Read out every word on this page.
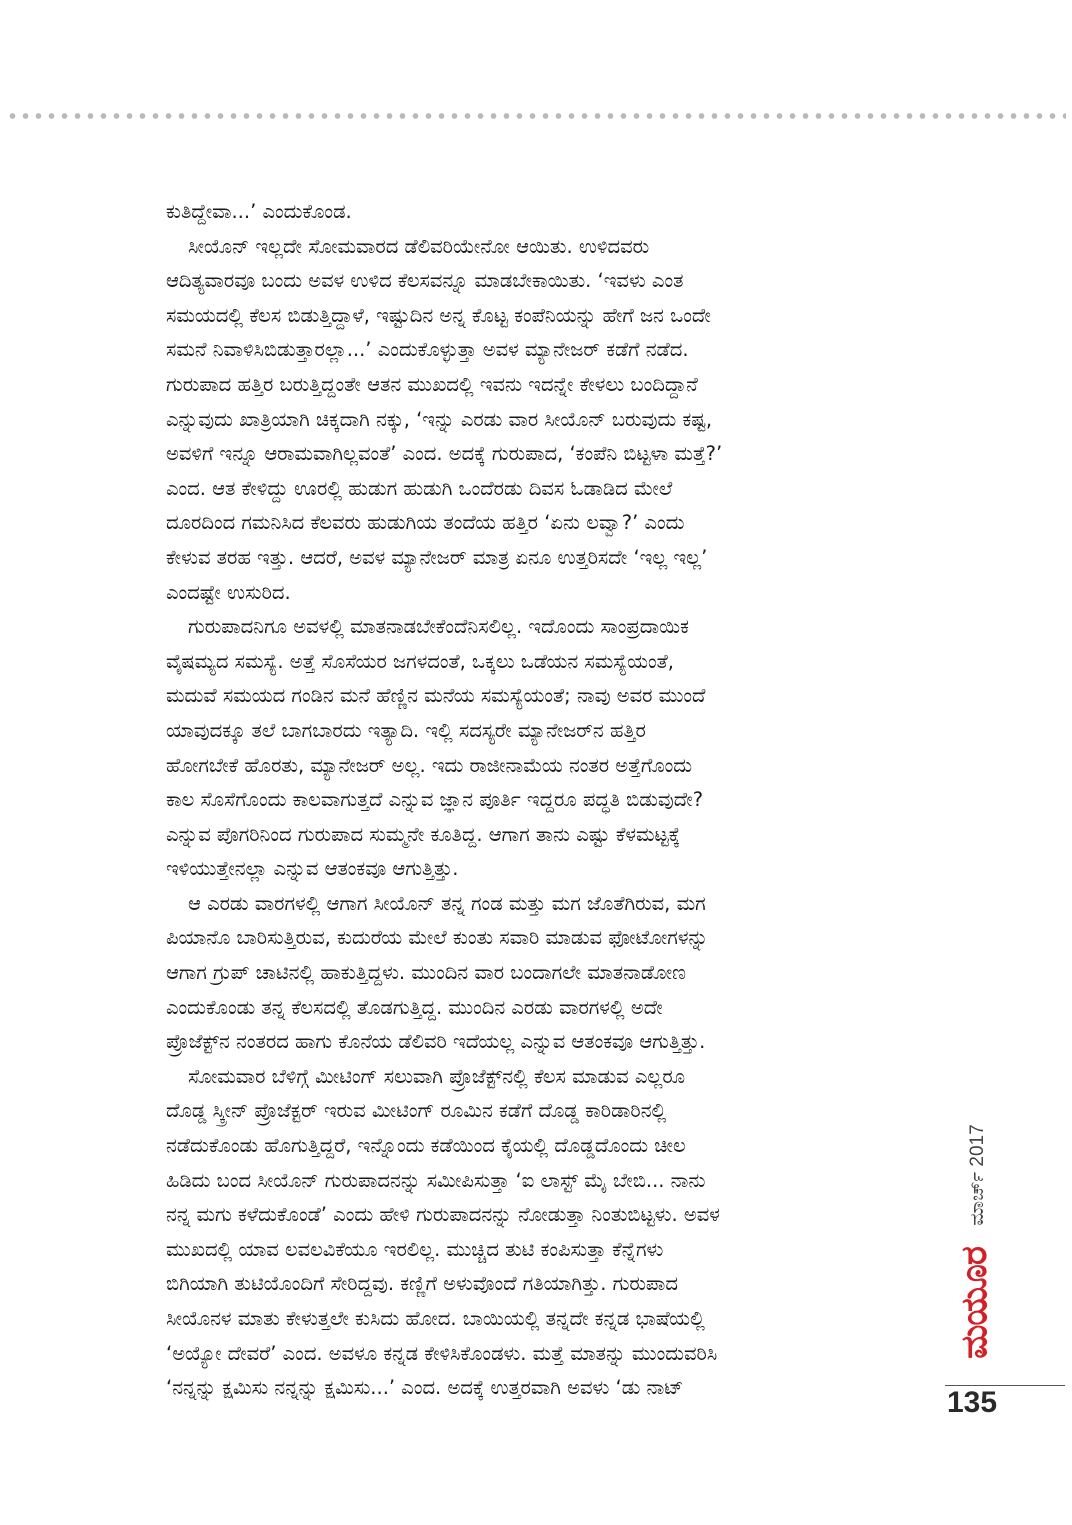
ಕುತಿದ್ದೇವಾ...’ ಎಂದುಕೊಂಡ.
ಸೀಯೊನ್ ಇಲ್ಲದೇ ಸೋಮವಾರದ ಡೆಲಿವರಿಯೇನೋ ಆಯಿತು. ಉಳಿದವರು
ಆದಿತ್ಯವಾರವೂ ಬಂದು ಅವಳ ಉಳಿದ ಕೆಲಸವನ್ನೂ ಮಾಡಬೇಕಾಯಿತು. ‘ಇವಳು ಎಂತ
ಸಮಯದಲ್ಲಿ ಕೆಲಸ ಬಿಡುತ್ತಿದ್ದಾಳೆ, ಇಷ್ಟುದಿನ ಅನ್ನ ಕೊಟ್ಟ ಕಂಪೆನಿಯನ್ನು ಹೇಗೆ ಜನ ಒಂದೇ
ಸಮನೆ ನಿವಾಳಿಸಿಬಿಡುತ್ತಾರಲ್ಲಾ...’ ಎಂದುಕೊಳ್ಳುತ್ತಾ ಅವಳ ಮ್ಯಾನೇಜರ್ ಕಡೆಗೆ ನಡೆದ.
ಗುರುಪಾದ ಹತ್ತಿರ ಬರುತ್ತಿದ್ದಂತೇ ಆತನ ಮುಖದಲ್ಲಿ ಇವನು ಇದನ್ನೇ ಕೇಳಲು ಬಂದಿದ್ದಾನೆ
ಎನ್ನುವುದು ಖಾತ್ರಿಯಾಗಿ ಚಿಕ್ಕದಾಗಿ ನಕ್ಕು, ‘ಇನ್ನು ಎರಡು ವಾರ ಸೀಯೊನ್ ಬರುವುದು ಕಷ್ಟ,
ಅವಳಿಗೆ ಇನ್ನೂ ಆರಾಮವಾಗಿಲ್ಲವಂತೆ’ ಎಂದ. ಅದಕ್ಕೆ ಗುರುಪಾದ, ‘ಕಂಪೆನಿ ಬಿಟ್ಟಳಾ ಮತ್ತೆ?’
ಎಂದ. ಆತ ಕೇಳಿದ್ದು ಊರಲ್ಲಿ ಹುಡುಗ ಹುಡುಗಿ ಒಂದೆರಡು ದಿವಸ ಓಡಾಡಿದ ಮೇಲೆ
ದೂರದಿಂದ ಗಮನಿಸಿದ ಕೆಲವರು ಹುಡುಗಿಯ ತಂದೆಯ ಹತ್ತಿರ ‘ಏನು ಲವ್ವಾ?’ ಎಂದು
ಕೇಳುವ ತರಹ ಇತ್ತು. ಆದರೆ, ಅವಳ ಮ್ಯಾನೇಜರ್ ಮಾತ್ರ ಏನೂ ಉತ್ತರಿಸದೇ ‘ಇಲ್ಲ ಇಲ್ಲ’
ಎಂದಷ್ಟೇ ಉಸುರಿದ.
ಗುರುಪಾದನಿಗೂ ಅವಳಲ್ಲಿ ಮಾತನಾಡಬೇಕೆಂದೆನಿಸಲಿಲ್ಲ. ಇದೊಂದು ಸಾಂಪ್ರದಾಯಿಕ
ವೈಷಮ್ಯದ ಸಮಸ್ಯೆ. ಅತ್ತೆ ಸೊಸೆಯರ ಜಗಳದಂತೆ, ಒಕ್ಕಲು ಒಡೆಯನ ಸಮಸ್ಯೆಯಂತೆ,
ಮದುವೆ ಸಮಯದ ಗಂಡಿನ ಮನೆ ಹೆಣ್ಣಿನ ಮನೆಯ ಸಮಸ್ಯೆಯಂತೆ; ನಾವು ಅವರ ಮುಂದೆ
ಯಾವುದಕ್ಕೂ ತಲೆ ಬಾಗಬಾರದು ಇತ್ಯಾದಿ. ಇಲ್ಲಿ ಸದಸ್ಯರೇ ಮ್ಯಾನೇಜರ್‌ನ ಹತ್ತಿರ
ಹೋಗಬೇಕೆ ಹೊರತು, ಮ್ಯಾನೇಜರ್ ಅಲ್ಲ. ಇದು ರಾಜೀನಾಮೆಯ ನಂತರ ಅತ್ತೆಗೊಂದು
ಕಾಲ ಸೊಸೆಗೊಂದು ಕಾಲವಾಗುತ್ತದೆ ಎನ್ನುವ ಜ್ಞಾನ ಪೂರ್ತಿ ಇದ್ದರೂ ಪದ್ಧತಿ ಬಿಡುವುದೇ?
ಎನ್ನುವ ಪೊಗರಿನಿಂದ ಗುರುಪಾದ ಸುಮ್ಮನೇ ಕೂತಿದ್ದ. ಆಗಾಗ ತಾನು ಎಷ್ಟು ಕೆಳಮಟ್ಟಕ್ಕೆ
ಇಳಿಯುತ್ತೇನಲ್ಲಾ ಎನ್ನುವ ಆತಂಕವೂ ಆಗುತ್ತಿತ್ತು.
ಆ ಎರಡು ವಾರಗಳಲ್ಲಿ ಆಗಾಗ ಸೀಯೊನ್ ತನ್ನ ಗಂಡ ಮತ್ತು ಮಗ ಜೊತೆಗಿರುವ, ಮಗ
ಪಿಯಾನೊ ಬಾರಿಸುತ್ತಿರುವ, ಕುದುರೆಯ ಮೇಲೆ ಕುಂತು ಸವಾರಿ ಮಾಡುವ ಫೋಟೋಗಳನ್ನು
ಆಗಾಗ ಗ್ರುಪ್ ಚಾಟಿನಲ್ಲಿ ಹಾಕುತ್ತಿದ್ದಳು. ಮುಂದಿನ ವಾರ ಬಂದಾಗಲೇ ಮಾತನಾಡೋಣ
ಎಂದುಕೊಂಡು ತನ್ನ ಕೆಲಸದಲ್ಲಿ ತೊಡಗುತ್ತಿದ್ದ. ಮುಂದಿನ ಎರಡು ವಾರಗಳಲ್ಲಿ ಅದೇ
ಪ್ರೊಜೆಕ್ಟ್‌ನ ನಂತರದ ಹಾಗು ಕೊನೆಯ ಡೆಲಿವರಿ ಇದೆಯಲ್ಲ ಎನ್ನುವ ಆತಂಕವೂ ಆಗುತ್ತಿತ್ತು.
ಸೋಮವಾರ ಬೆಳಿಗ್ಗೆ ಮೀಟಿಂಗ್ ಸಲುವಾಗಿ ಪ್ರೊಜೆಕ್ಟ್‌ನಲ್ಲಿ ಕೆಲಸ ಮಾಡುವ ಎಲ್ಲರೂ
ದೊಡ್ಡ ಸ್ಕ್ರೀನ್ ಪ್ರೊಜೆಕ್ಟರ್ ಇರುವ ಮೀಟಿಂಗ್ ರೂಮಿನ ಕಡೆಗೆ ದೊಡ್ಡ ಕಾರಿಡಾರಿನಲ್ಲಿ
ನಡೆದುಕೊಂಡು ಹೊಗುತ್ತಿದ್ದರೆ, ಇನ್ನೊಂದು ಕಡೆಯಿಂದ ಕೈಯಲ್ಲಿ ದೊಡ್ಡದೊಂದು ಚೀಲ
ಹಿಡಿದು ಬಂದ ಸೀಯೊನ್ ಗುರುಪಾದನನ್ನು ಸಮೀಪಿಸುತ್ತಾ ‘ಐ ಲಾಸ್ಟ್ ಮೈ ಬೇಬಿ... ನಾನು
ನನ್ನ ಮಗು ಕಳೆದುಕೊಂಡೆ’ ಎಂದು ಹೇಳಿ ಗುರುಪಾದನನ್ನು ನೋಡುತ್ತಾ ನಿಂತುಬಿಟ್ಟಳು. ಅವಳ
ಮುಖದಲ್ಲಿ ಯಾವ ಲವಲವಿಕೆಯೂ ಇರಲಿಲ್ಲ. ಮುಚ್ಚಿದ ತುಟಿ ಕಂಪಿಸುತ್ತಾ ಕೆನ್ನೆಗಳು
ಬಿಗಿಯಾಗಿ ತುಟಿಯೊಂದಿಗೆ ಸೇರಿದ್ದವು. ಕಣ್ಣಿಗೆ ಅಳುವೊಂದೆ ಗತಿಯಾಗಿತ್ತು. ಗುರುಪಾದ
ಸೀಯೊನಳ ಮಾತು ಕೇಳುತ್ತಲೇ ಕುಸಿದು ಹೋದ. ಬಾಯಿಯಲ್ಲಿ ತನ್ನದೇ ಕನ್ನಡ ಭಾಷೆಯಲ್ಲಿ
‘ಅಯ್ಯೋ ದೇವರೆ’ ಎಂದ. ಅವಳೂ ಕನ್ನಡ ಕೇಳಿಸಿಕೊಂಡಳು. ಮತ್ತೆ ಮಾತನ್ನು ಮುಂದುವರಿಸಿ
‘ನನ್ನನ್ನು ಕ್ಷಮಿಸು ನನ್ನನ್ನು ಕ್ಷಮಿಸು...’ ಎಂದ. ಅದಕ್ಕೆ ಉತ್ತರವಾಗಿ ಅವಳು ‘ಡು ನಾಟ್
ಮಾರ್ಚ್ 2017
ಮಯೂರ
135
